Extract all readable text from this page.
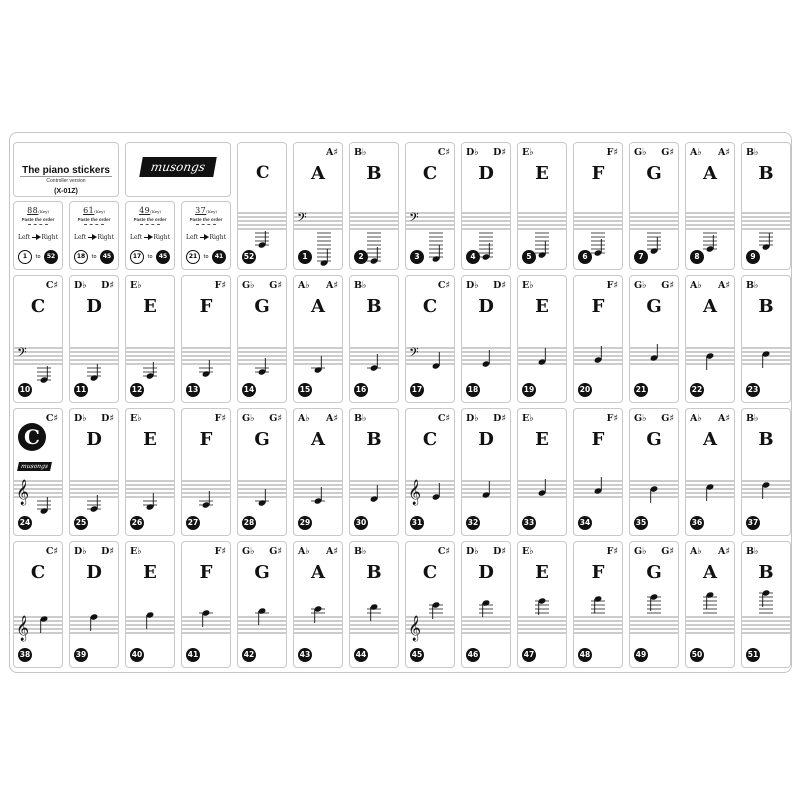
The piano stickers
Controller version
(X-01Z)
musongs
88(Key)
Paste the order
Left Right
1	to	52
61(Key)
Paste the order
Left Right
18	to	45
49(Key)
Paste the order
Left Right
17	to	45
37(Key)
Paste the order
Left Right
21	to	41
C
52
A
A♯
𝄢
1
B
B♭
2
C
C♯
𝄢
3
D
D♭ D♯
4
E
E♭
5
F
F♯
6
G
G♭ G♯
7
A
A♭ A♯
8
B
B♭
9
C
C♯
𝄢
10
D
D♭ D♯
11
E
E♭
12
F
F♯
13
G
G♭ G♯
14
A
A♭ A♯
15
B
B♭
16
C
C♯
𝄢
17
D
D♭ D♯
18
E
E♭
19
F
F♯
20
G
G♭ G♯
21
A
A♭ A♯
22
B
B♭
23
C♯
C
musongs
𝄞
24
D
D♭ D♯
25
E
E♭
26
F
F♯
27
G
G♭ G♯
28
A
A♭ A♯
29
B
B♭
30
C
C♯
𝄞
31
D
D♭ D♯
32
E
E♭
33
F
F♯
34
G
G♭ G♯
35
A
A♭ A♯
36
B
B♭
37
C
C♯
𝄞
38
D
D♭ D♯
39
E
E♭
40
F
F♯
41
G
G♭ G♯
42
A
A♭ A♯
43
B
B♭
44
C
C♯
𝄞
45
D
D♭ D♯
46
E
E♭
47
F
F♯
48
G
G♭ G♯
49
A
A♭ A♯
50
B
B♭
51
